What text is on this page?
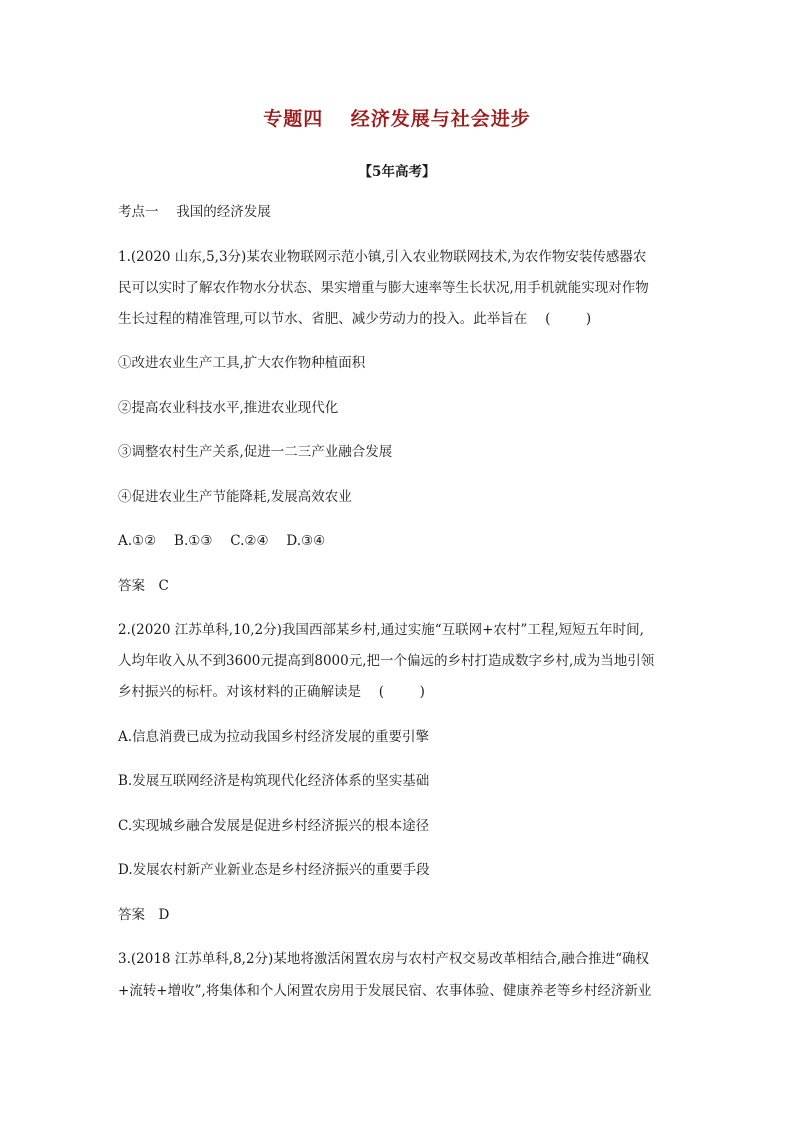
专题四　 经济发展与社会进步
【5年高考】
考点一　 我国的经济发展
1.(2020 山东,5,3分)某农业物联网示范小镇,引入农业物联网技术,为农作物安装传感器农
民可以实时了解农作物水分状态、果实增重与膨大速率等生长状况,用手机就能实现对作物
生长过程的精准管理,可以节水、省肥、减少劳动力的投入。此举旨在　 (　 　 )
①改进农业生产工具,扩大农作物种植面积
②提高农业科技水平,推进农业现代化
③调整农村生产关系,促进一二三产业融合发展
④促进农业生产节能降耗,发展高效农业
A.①②　 B.①③　 C.②④　 D.③④
答案　C
2.(2020 江苏单科,10,2分)我国西部某乡村,通过实施“互联网+农村”工程,短短五年时间,
人均年收入从不到3600元提高到8000元,把一个偏远的乡村打造成数字乡村,成为当地引领
乡村振兴的标杆。对该材料的正确解读是　 (　 　 )
A.信息消费已成为拉动我国乡村经济发展的重要引擎
B.发展互联网经济是构筑现代化经济体系的坚实基础
C.实现城乡融合发展是促进乡村经济振兴的根本途径
D.发展农村新产业新业态是乡村经济振兴的重要手段
答案　D
3.(2018 江苏单科,8,2分)某地将激活闲置农房与农村产权交易改革相结合,融合推进“确权
+流转+增收”,将集体和个人闲置农房用于发展民宿、农事体验、健康养老等乡村经济新业
